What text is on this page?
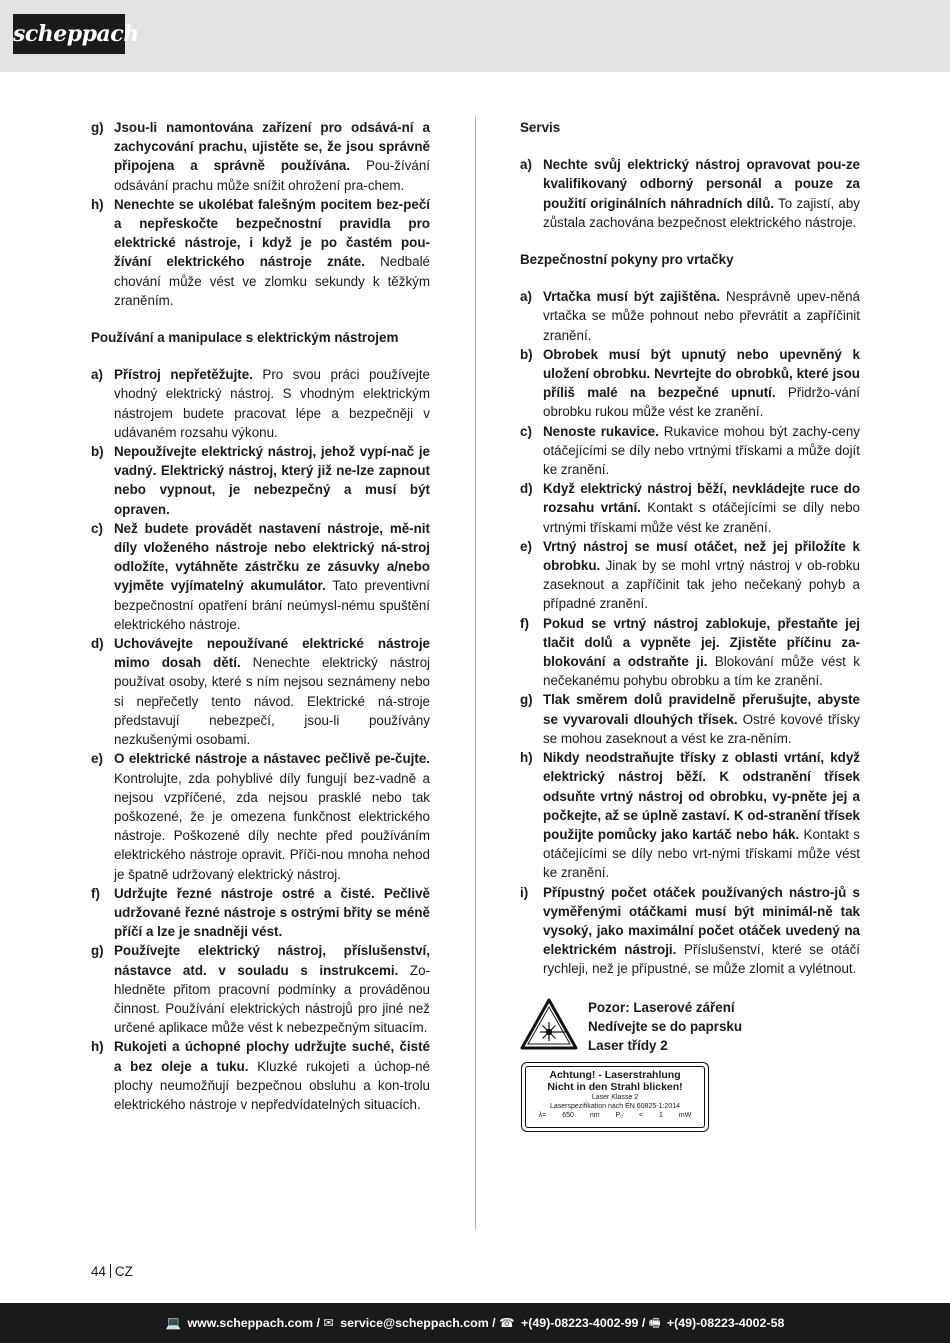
scheppach
g) Jsou-li namontována zařízení pro odsává-ní a zachycování prachu, ujistěte se, že jsou správně připojena a správně používána. Pou-žívání odsávání prachu může snížit ohrožení pra-chem.
h) Nenechte se ukolébat falešným pocitem bez-pečí a nepřeskočte bezpečnostní pravidla pro elektrické nástroje, i když je po častém pou-žívání elektrického nástroje znáte. Nedbalé chování může vést ve zlomku sekundy k těžkým zraněním.
Používání a manipulace s elektrickým nástrojem
a) Přístroj nepřetěžujte. Pro svou práci používejte vhodný elektrický nástroj. S vhodným elektrickým nástrojem budete pracovat lépe a bezpečněji v udávaném rozsahu výkonu.
b) Nepoužívejte elektrický nástroj, jehož vypí-nač je vadný. Elektrický nástroj, který již ne-lze zapnout nebo vypnout, je nebezpečný a musí být opraven.
c) Než budete provádět nastavení nástroje, mě-nit díly vloženého nástroje nebo elektrický ná-stroj odložíte, vytáhněte zástrčku ze zásuvky a/nebo vyjměte vyjímatelný akumulátor. Tato preventivní bezpečnostní opatření brání neúmysl-nému spuštění elektrického nástroje.
d) Uchovávejte nepoužívané elektrické nástroje mimo dosah dětí. Nenechte elektrický nástroj používat osoby, které s ním nejsou seznámeny nebo si nepřečetly tento návod. Elektrické ná-stroje představují nebezpečí, jsou-li používány nezkušenými osobami.
e) O elektrické nástroje a nástavec pečlivě pe-čujte. Kontrolujte, zda pohyblivé díly fungují bez-vadně a nejsou vzpříčené, zda nejsou prasklé nebo tak poškozené, že je omezena funkčnost elektrického nástroje. Poškozené díly nechte před používáním elektrického nástroje opravit. Příči-nou mnoha nehod je špatně udržovaný elektrický nástroj.
f)	Udržujte řezné nástroje ostré a čisté. Pečlivě udržované řezné nástroje s ostrými břity se méně příčí a lze je snadněji vést.
g) Používejte elektrický nástroj, příslušenství, nástavce atd. v souladu s instrukcemi. Zo-hledněte přitom pracovní podmínky a prováděnou činnost. Používání elektrických nástrojů pro jiné než určené aplikace může vést k nebezpečným situacím.
h) Rukojeti a úchopné plochy udržujte suché, čisté a bez oleje a tuku. Kluzké rukojeti a úchop-né plochy neumožňují bezpečnou obsluhu a kon-trolu elektrického nástroje v nepředvídatelných situacích.
Servis
a) Nechte svůj elektrický nástroj opravovat pou-ze kvalifikovaný odborný personál a pouze za použití originálních náhradních dílů. To zajistí, aby zůstala zachována bezpečnost elektrického nástroje.
Bezpečnostní pokyny pro vrtačky
a) Vrtačka musí být zajištěna. Nesprávně upev-něná vrtačka se může pohnout nebo převrátit a zapříčinit zranění.
b) Obrobek musí být upnutý nebo upevněný k uložení obrobku. Nevrtejte do obrobků, které jsou příliš malé na bezpečné upnutí. Přidržo-vání obrobku rukou může vést ke zranění.
c) Nenoste rukavice. Rukavice mohou být zachy-ceny otáčejícími se díly nebo vrtnými třískami a může dojít ke zranění.
d) Když elektrický nástroj běží, nevkládejte ruce do rozsahu vrtání. Kontakt s otáčejícími se díly nebo vrtnými třískami může vést ke zranění.
e) Vrtný nástroj se musí otáčet, než jej přiložíte k obrobku. Jinak by se mohl vrtný nástroj v ob-robku zaseknout a zapříčinit tak jeho nečekaný pohyb a případné zranění.
f)	Pokud se vrtný nástroj zablokuje, přestaňte jej tlačit dolů a vypněte jej. Zjistěte příčinu za-blokování a odstraňte ji. Blokování může vést k nečekanému pohybu obrobku a tím ke zranění.
g) Tlak směrem dolů pravidelně přerušujte, abyste se vyvarovali dlouhých třísek. Ostré kovové třísky se mohou zaseknout a vést ke zra-něním.
h) Nikdy neodstraňujte třísky z oblasti vrtání, když elektrický nástroj běží. K odstranění třísek odsuňte vrtný nástroj od obrobku, vy-pněte jej a počkejte, až se úplně zastaví. K od-stranění třísek použijte pomůcky jako kartáč nebo hák. Kontakt s otáčejícími se díly nebo vrt-nými třískami může vést ke zranění.
i)	Přípustný počet otáček používaných nástro-jů s vyměřenými otáčkami musí být minimál-ně tak vysoký, jako maximální počet otáček uvedený na elektrickém nástroji. Příslušenství, které se otáčí rychleji, než je přípustné, se může zlomit a vylétnout.
Pozor: Laserové záření
Nedívejte se do paprsku
Laser třídy 2
Achtung! - Laserstrahlung
Nicht in den Strahl blicken!
Laser Klasse 2
Laserspezifikation nach EN 60825-1:2014
λ= 650 nm P₀ < 1 mW
44 CZ
💻 www.scheppach.com / ✉ service@scheppach.com / ☎ +(49)-08223-4002-99 / 🖷 +(49)-08223-4002-58
